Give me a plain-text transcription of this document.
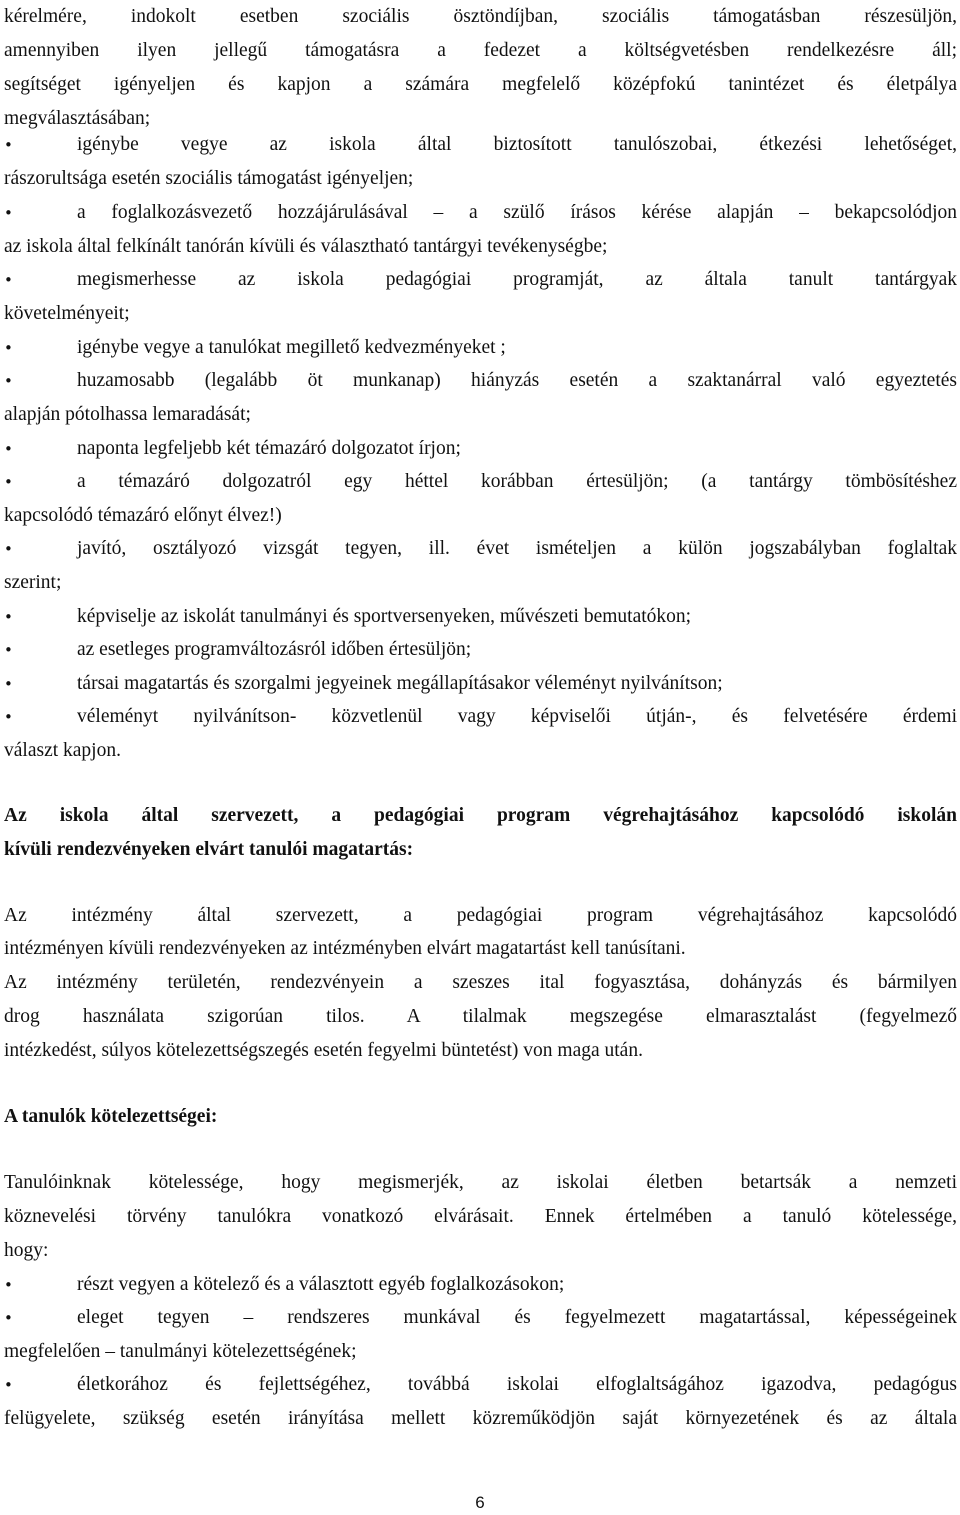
kérelmére, indokolt esetben szociális ösztöndíjban, szociális támogatásban részesüljön,
amennyiben ilyen jellegű támogatásra a fedezet a költségvetésben rendelkezésre áll;
segítséget igényeljen és kapjon a számára megfelelő középfokú tanintézet és életpálya
megválasztásában;
•	igénybe vegye az iskola által biztosított tanulószobai, étkezési lehetőséget,
rászorultsága esetén szociális támogatást igényeljen;
•	a foglalkozásvezető hozzájárulásával – a szülő írásos kérése alapján – bekapcsolódjon
az iskola által felkínált tanórán kívüli és választható tantárgyi tevékenységbe;
•	megismerhesse az iskola pedagógiai programját, az általa tanult tantárgyak
követelményeit;
•	igénybe vegye a tanulókat megillető kedvezményeket ;
•	huzamosabb (legalább öt munkanap) hiányzás esetén a szaktanárral való egyeztetés
alapján pótolhassa lemaradását;
•	naponta legfeljebb két témazáró dolgozatot írjon;
•	a témazáró dolgozatról egy héttel korábban értesüljön; (a tantárgy tömbösítéshez
kapcsolódó témazáró előnyt élvez!)
•	javító, osztályozó vizsgát tegyen, ill. évet ismételjen a külön jogszabályban foglaltak
szerint;
•	képviselje az iskolát tanulmányi és sportversenyeken, művészeti bemutatókon;
•	az esetleges programváltozásról időben értesüljön;
•	társai magatartás és szorgalmi jegyeinek megállapításakor véleményt nyilvánítson;
•	véleményt nyilvánítson- közvetlenül vagy képviselői útján-, és felvetésére érdemi
választ kapjon.
Az iskola által szervezett, a pedagógiai program végrehajtásához kapcsolódó iskolán
kívüli rendezvényeken elvárt tanulói magatartás:
Az intézmény által szervezett, a pedagógiai program végrehajtásához kapcsolódó
intézményen kívüli rendezvényeken az intézményben elvárt magatartást kell tanúsítani.
Az intézmény területén, rendezvényein a szeszes ital fogyasztása, dohányzás és bármilyen
drog használata szigorúan tilos. A tilalmak megszegése elmarasztalást (fegyelmező
intézkedést, súlyos kötelezettségszegés esetén fegyelmi büntetést) von maga után.
A tanulók kötelezettségei:
Tanulóinknak kötelessége, hogy megismerjék, az iskolai életben betartsák a nemzeti
köznevelési törvény tanulókra vonatkozó elvárásait. Ennek értelmében a tanuló kötelessége,
hogy:
•	részt vegyen a kötelező és a választott egyéb foglalkozásokon;
•	eleget tegyen – rendszeres munkával és fegyelmezett magatartással, képességeinek
megfelelően – tanulmányi kötelezettségének;
•	életkorához és fejlettségéhez, továbbá iskolai elfoglaltságához igazodva, pedagógus
felügyelete, szükség esetén irányítása mellett közreműködjön saját környezetének és az általa
6
